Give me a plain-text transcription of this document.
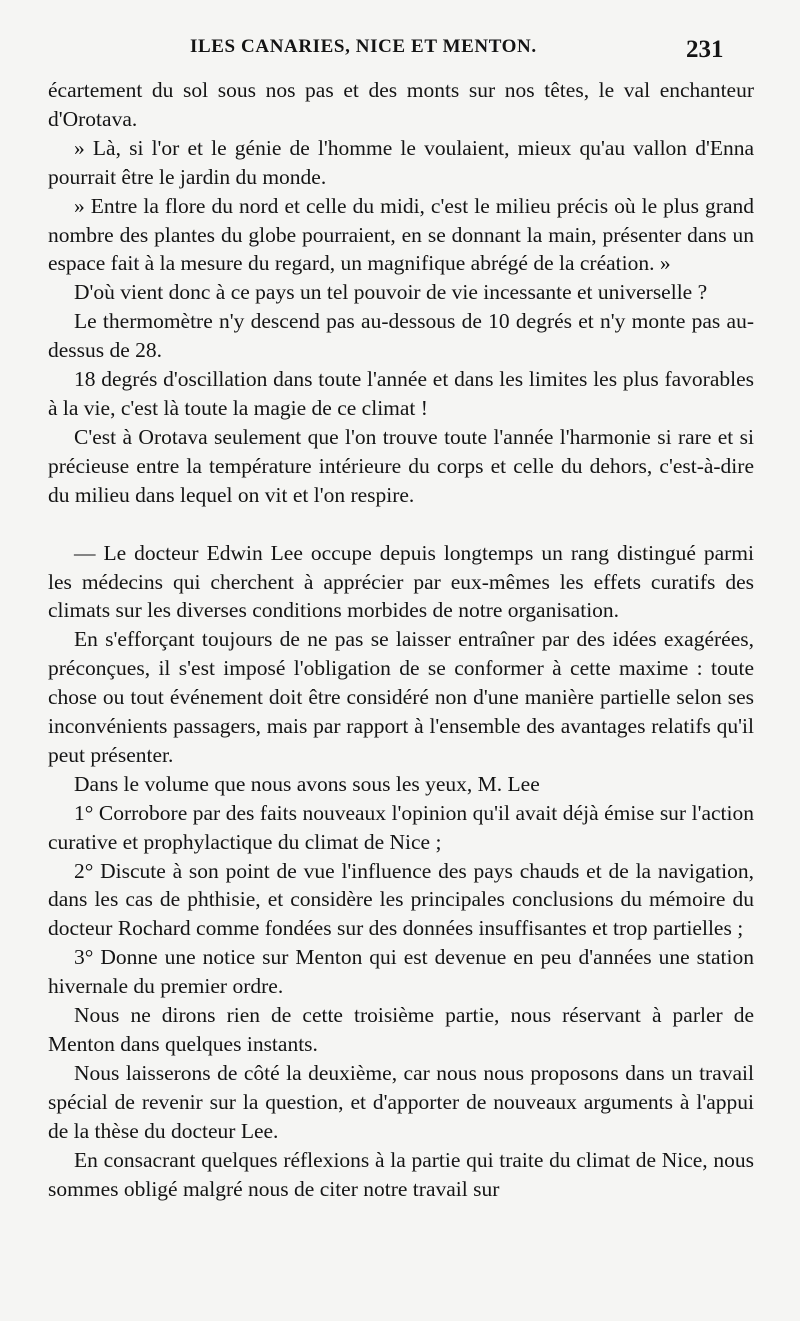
ILES CANARIES, NICE ET MENTON.	231

écartement du sol sous nos pas et des monts sur nos têtes, le val enchanteur d'Orotava.

» Là, si l'or et le génie de l'homme le voulaient, mieux qu'au vallon d'Enna pourrait être le jardin du monde.

» Entre la flore du nord et celle du midi, c'est le milieu précis où le plus grand nombre des plantes du globe pourraient, en se donnant la main, présenter dans un espace fait à la mesure du regard, un magnifique abrégé de la création. »

D'où vient donc à ce pays un tel pouvoir de vie incessante et universelle ?

Le thermomètre n'y descend pas au-dessous de 10 degrés et n'y monte pas au-dessus de 28.

18 degrés d'oscillation dans toute l'année et dans les limites les plus favorables à la vie, c'est là toute la magie de ce climat !

C'est à Orotava seulement que l'on trouve toute l'année l'harmonie si rare et si précieuse entre la température intérieure du corps et celle du dehors, c'est-à-dire du milieu dans lequel on vit et l'on respire.

— Le docteur Edwin Lee occupe depuis longtemps un rang distingué parmi les médecins qui cherchent à apprécier par eux-mêmes les effets curatifs des climats sur les diverses conditions morbides de notre organisation.

En s'efforçant toujours de ne pas se laisser entraîner par des idées exagérées, préconçues, il s'est imposé l'obligation de se conformer à cette maxime : toute chose ou tout événement doit être considéré non d'une manière partielle selon ses inconvénients passagers, mais par rapport à l'ensemble des avantages relatifs qu'il peut présenter.

Dans le volume que nous avons sous les yeux, M. Lee

1° Corrobore par des faits nouveaux l'opinion qu'il avait déjà émise sur l'action curative et prophylactique du climat de Nice ;

2° Discute à son point de vue l'influence des pays chauds et de la navigation, dans les cas de phthisie, et considère les principales conclusions du mémoire du docteur Rochard comme fondées sur des données insuffisantes et trop partielles ;

3° Donne une notice sur Menton qui est devenue en peu d'années une station hivernale du premier ordre.

Nous ne dirons rien de cette troisième partie, nous réservant à parler de Menton dans quelques instants.

Nous laisserons de côté la deuxième, car nous nous proposons dans un travail spécial de revenir sur la question, et d'apporter de nouveaux arguments à l'appui de la thèse du docteur Lee.

En consacrant quelques réflexions à la partie qui traite du climat de Nice, nous sommes obligé malgré nous de citer notre travail sur
